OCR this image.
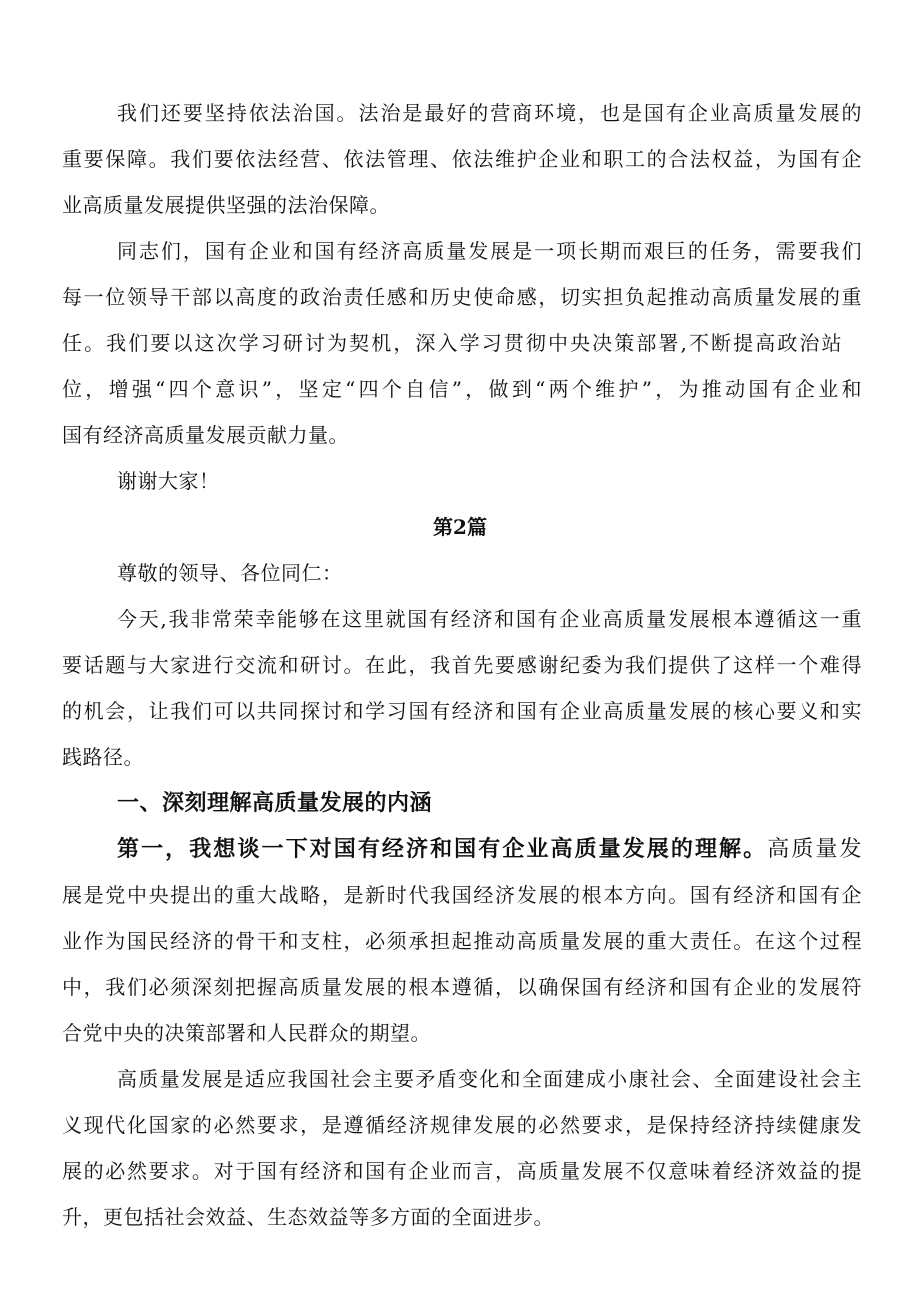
我们还要坚持依法治国。法治是最好的营商环境，也是国有企业高质量发展的
重要保障。我们要依法经营、依法管理、依法维护企业和职工的合法权益，为国有企
业高质量发展提供坚强的法治保障。
同志们，国有企业和国有经济高质量发展是一项长期而艰巨的任务，需要我们
每一位领导干部以高度的政治责任感和历史使命感，切实担负起推动高质量发展的重
任。我们要以这次学习研讨为契机，深入学习贯彻中央决策部署,不断提高政治站
位，增强“四个意识”，坚定“四个自信”，做到“两个维护”，为推动国有企业和
国有经济高质量发展贡献力量。
谢谢大家！
第2篇
尊敬的领导、各位同仁：
今天,我非常荣幸能够在这里就国有经济和国有企业高质量发展根本遵循这一重
要话题与大家进行交流和研讨。在此，我首先要感谢纪委为我们提供了这样一个难得
的机会，让我们可以共同探讨和学习国有经济和国有企业高质量发展的核心要义和实
践路径。
一、深刻理解高质量发展的内涵
第一，我想谈一下对国有经济和国有企业高质量发展的理解。高质量发
展是党中央提出的重大战略，是新时代我国经济发展的根本方向。国有经济和国有企
业作为国民经济的骨干和支柱，必须承担起推动高质量发展的重大责任。在这个过程
中，我们必须深刻把握高质量发展的根本遵循，以确保国有经济和国有企业的发展符
合党中央的决策部署和人民群众的期望。
高质量发展是适应我国社会主要矛盾变化和全面建成小康社会、全面建设社会主
义现代化国家的必然要求，是遵循经济规律发展的必然要求，是保持经济持续健康发
展的必然要求。对于国有经济和国有企业而言，高质量发展不仅意味着经济效益的提
升，更包括社会效益、生态效益等多方面的全面进步。
